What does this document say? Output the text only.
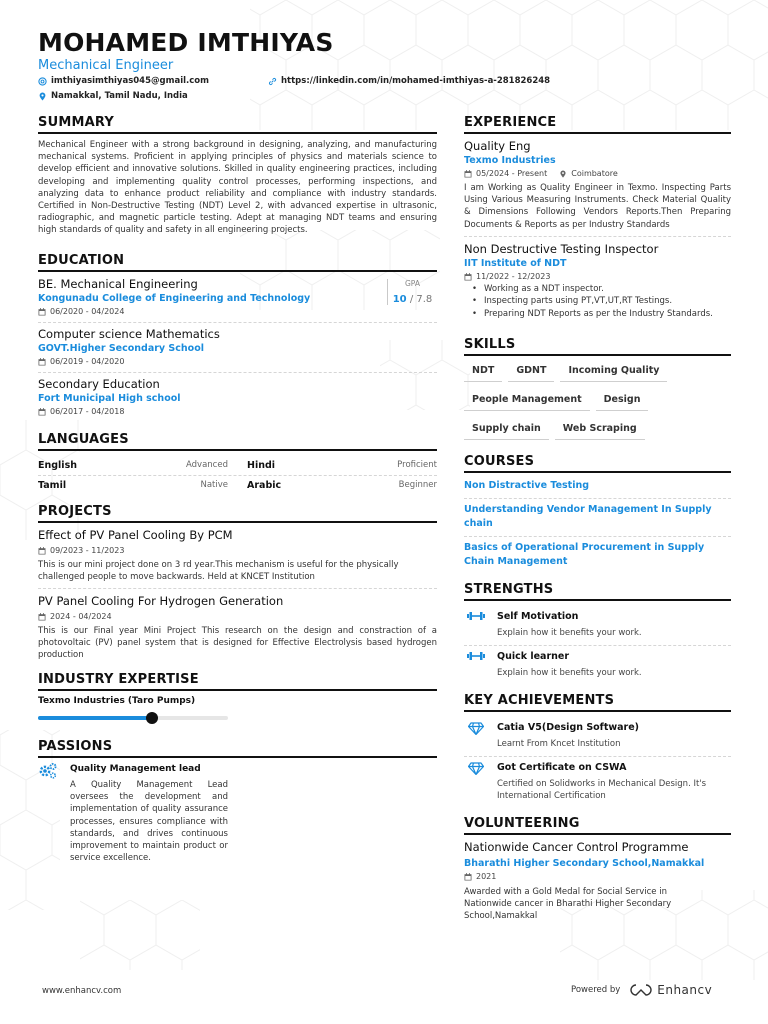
MOHAMED IMTHIYAS
Mechanical Engineer
imthiyasimthiyas045@gmail.com	https://linkedin.com/in/mohamed-imthiyas-a-281826248
Namakkal, Tamil Nadu, India
SUMMARY
Mechanical Engineer with a strong background in designing, analyzing, and manufacturing mechanical systems. Proficient in applying principles of physics and materials science to develop efficient and innovative solutions. Skilled in quality engineering practices, including developing and implementing quality control processes, performing inspections, and analyzing data to enhance product reliability and compliance with industry standards. Certified in Non-Destructive Testing (NDT) Level 2, with advanced expertise in ultrasonic, radiographic, and magnetic particle testing. Adept at managing NDT teams and ensuring high standards of quality and safety in all engineering projects.
EDUCATION
BE. Mechanical Engineering
Kongunadu College of Engineering and Technology
06/2020 - 04/2024
GPA
10 / 7.8
Computer science Mathematics
GOVT.Higher Secondary School
06/2019 - 04/2020
Secondary Education
Fort Municipal High school
06/2017 - 04/2018
LANGUAGES
English	Advanced Hindi	Proficient
Tamil	Native Arabic	Beginner
PROJECTS
Effect of PV Panel Cooling By PCM
09/2023 - 11/2023
This is our mini project done on 3 rd year.This mechanism is useful for the physically challenged people to move backwards. Held at KNCET Institution
PV Panel Cooling For Hydrogen Generation
2024 - 04/2024
This is our Final year Mini Project This research on the design and constraction of a photovoltaic (PV) panel system that is designed for Effective Electrolysis based hydrogen production
INDUSTRY EXPERTISE
Texmo Industries (Taro Pumps)
PASSIONS
Quality Management lead
A Quality Management Lead oversees the development and implementation of quality assurance processes, ensures compliance with standards, and drives continuous improvement to maintain product or service excellence.
EXPERIENCE
Quality Eng
Texmo Industries
05/2024 - Present	Coimbatore
I am Working as Quality Engineer in Texmo. Inspecting Parts Using Various Measuring Instruments. Check Material Quality & Dimensions Following Vendors Reports.Then Preparing Documents & Reports as per Industry Standards
Non Destructive Testing Inspector
IIT Institute of NDT
11/2022 - 12/2023
• Working as a NDT inspector.
• Inspecting parts using PT,VT,UT,RT Testings.
• Preparing NDT Reports as per the Industry Standards.
SKILLS
NDT	GDNT	Incoming Quality
People Management	Design
Supply chain	Web Scraping
COURSES
Non Distractive Testing
Understanding Vendor Management In Supply chain
Basics of Operational Procurement in Supply Chain Management
STRENGTHS
Self Motivation
Explain how it benefits your work.
Quick learner
Explain how it benefits your work.
KEY ACHIEVEMENTS
Catia V5(Design Software)
Learnt From Kncet Institution
Got Certificate on CSWA
Certified on Solidworks in Mechanical Design. It's International Certification
VOLUNTEERING
Nationwide Cancer Control Programme
Bharathi Higher Secondary School,Namakkal
2021
Awarded with a Gold Medal for Social Service in Nationwide cancer in Bharathi Higher Secondary School,Namakkal
www.enhancv.com	Powered by	Enhancv
